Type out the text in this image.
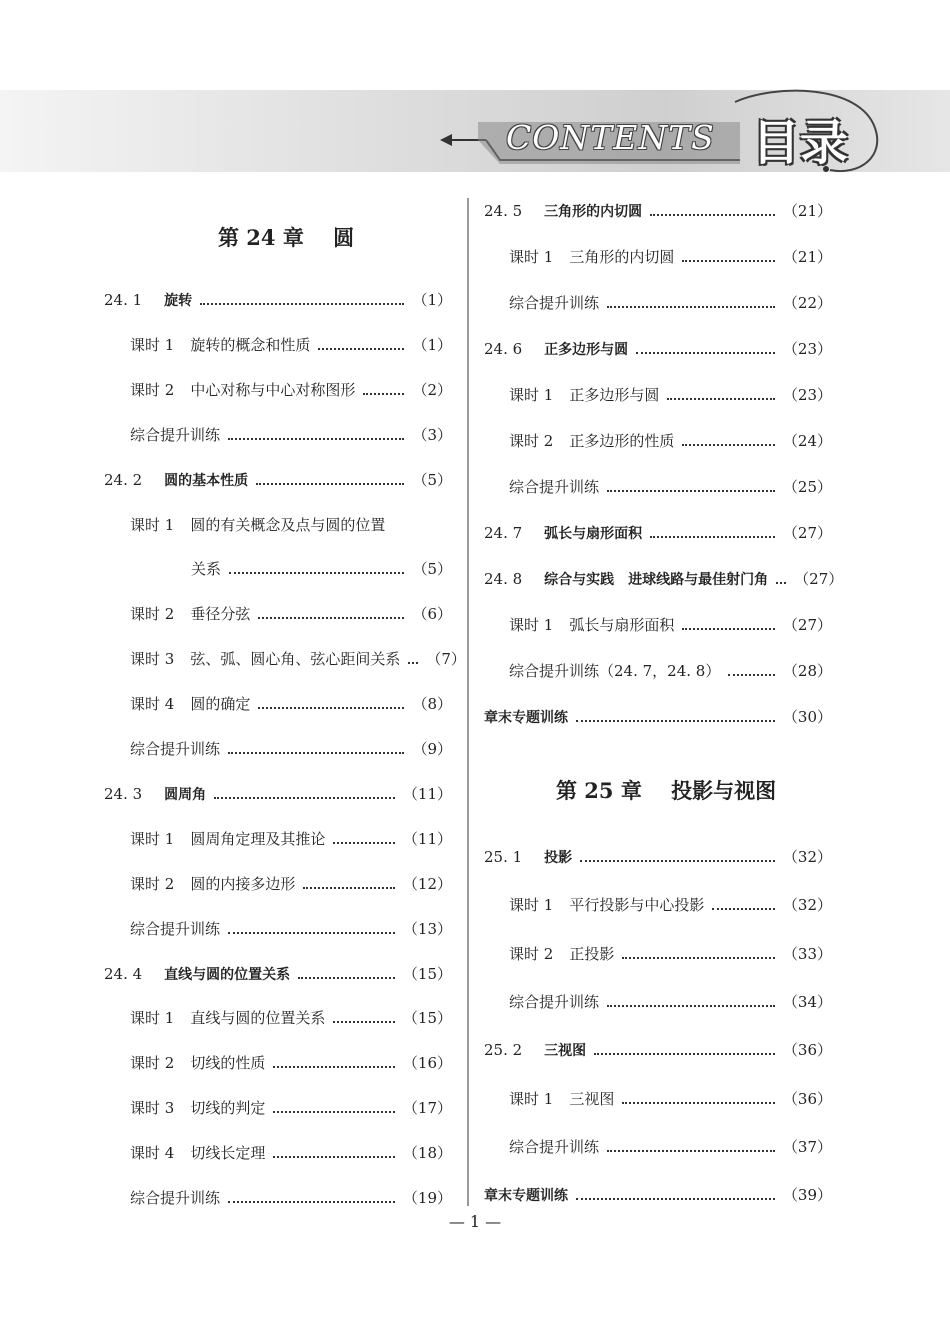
CONTENTS 目录
第 24 章    圆
24. 1 旋转	（1）
课时 1 旋转的概念和性质	（1）
课时 2 中心对称与中心对称图形	（2）
综合提升训练	（3）
24. 2 圆的基本性质	（5）
课时 1 圆的有关概念及点与圆的位置
关系	（5）
课时 2 垂径分弦	（6）
课时 3 弦、弧、圆心角、弦心距间关系 （7）
课时 4 圆的确定	（8）
综合提升训练	（9）
24. 3 圆周角	（11）
课时 1 圆周角定理及其推论	（11）
课时 2 圆的内接多边形	（12）
综合提升训练	（13）
24. 4 直线与圆的位置关系	（15）
课时 1 直线与圆的位置关系	（15）
课时 2 切线的性质	（16）
课时 3 切线的判定	（17）
课时 4 切线长定理	（18）
综合提升训练	（19）
24. 5 三角形的内切圆	（21）
课时 1 三角形的内切圆	（21）
综合提升训练	（22）
24. 6 正多边形与圆	（23）
课时 1 正多边形与圆	（23）
课时 2 正多边形的性质	（24）
综合提升训练	（25）
24. 7 弧长与扇形面积	（27）
24. 8 综合与实践　进球线路与最佳射门角 （27）
课时 1 弧长与扇形面积	（27）
综合提升训练（24. 7，24. 8）	（28）
章末专题训练	（30）
第 25 章    投影与视图
25. 1 投影	（32）
课时 1 平行投影与中心投影	（32）
课时 2 正投影	（33）
综合提升训练	（34）
25. 2 三视图	（36）
课时 1 三视图	（36）
综合提升训练	（37）
章末专题训练	（39）
— 1 —
